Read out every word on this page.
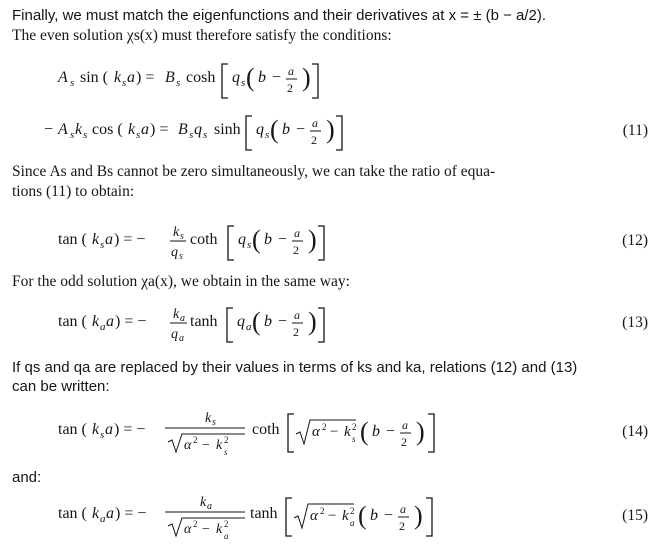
Finally, we must match the eigenfunctions and their derivatives at x = ± (b − a/2).
The even solution χs(x) must therefore satisfy the conditions:
A s sin ( k s a ) = B s cosh q s ( b − a
2 )
− A s k s cos ( k s a ) = B s q s sinh q s ( b − a
2 )
tan ( k s a ) = − k s
q s
coth q s ( b − a
2 )
tan ( k a a ) = − k a
q a
tanh q a ( b − a
2 )
tan ( k s a ) = −
k s
α 2 − k 2
s
coth α 2 − k 2
s ( b − a
2 )
tan ( k a a ) = −
k a
α 2 − k 2
a
tanh α 2 − k 2
a ( b − a
2 )
(11)
Since As and Bs cannot be zero simultaneously, we can take the ratio of equa-
tions (11) to obtain:
(12)
For the odd solution χa(x), we obtain in the same way:
(13)
If qs and qa are replaced by their values in terms of ks and ka, relations (12) and (13)
can be written:
(14)
and:
(15)
